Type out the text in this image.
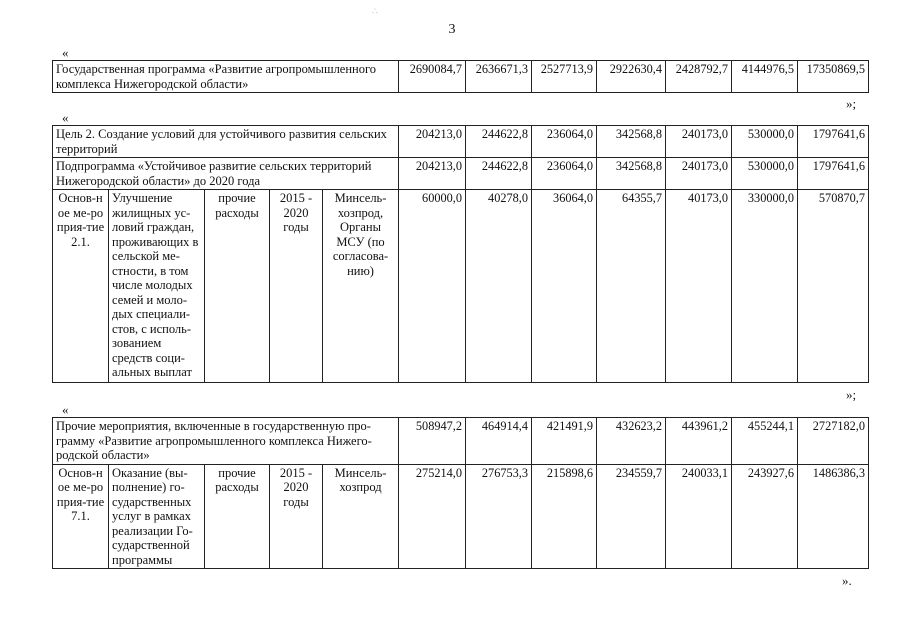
3
∴
«
Государственная программа «Развитие агропромышленного комплекса Нижегородской области»	2690084,7	2636671,3	2527713,9	2922630,4	2428792,7	4144976,5	17350869,5
»;
«
Цель 2. Создание условий для устойчивого развития сельских территорий					204213,0	244622,8	236064,0	342568,8	240173,0	530000,0	1797641,6
Подпрограмма «Устойчивое развитие сельских территорий Нижегородской области» до 2020 года					204213,0	244622,8	236064,0	342568,8	240173,0	530000,0	1797641,6
Основ-ное ме-роприя-тие 2.1.	Улучшение жилищных ус-ловий граждан, проживающих в сельской ме-стности, в том числе молодых семей и моло-дых специали-стов, с исполь-зованием средств соци-альных выплат	прочие расходы	2015 - 2020 годы	Минсель-хозпрод, Органы МСУ (по согласова-нию)	60000,0	40278,0	36064,0	64355,7	40173,0	330000,0	570870,7
»;
«
Прочие мероприятия, включенные в государственную про-грамму «Развитие агропромышленного комплекса Нижего-родской области»					508947,2	464914,4	421491,9	432623,2	443961,2	455244,1	2727182,0
Основ-ное ме-роприя-тие 7.1.	Оказание (вы-полнение) го-сударственных услуг в рамках реализации Го-сударственной программы	прочие расходы	2015 - 2020 годы	Минсель-хозпрод	275214,0	276753,3	215898,6	234559,7	240033,1	243927,6	1486386,3
».
